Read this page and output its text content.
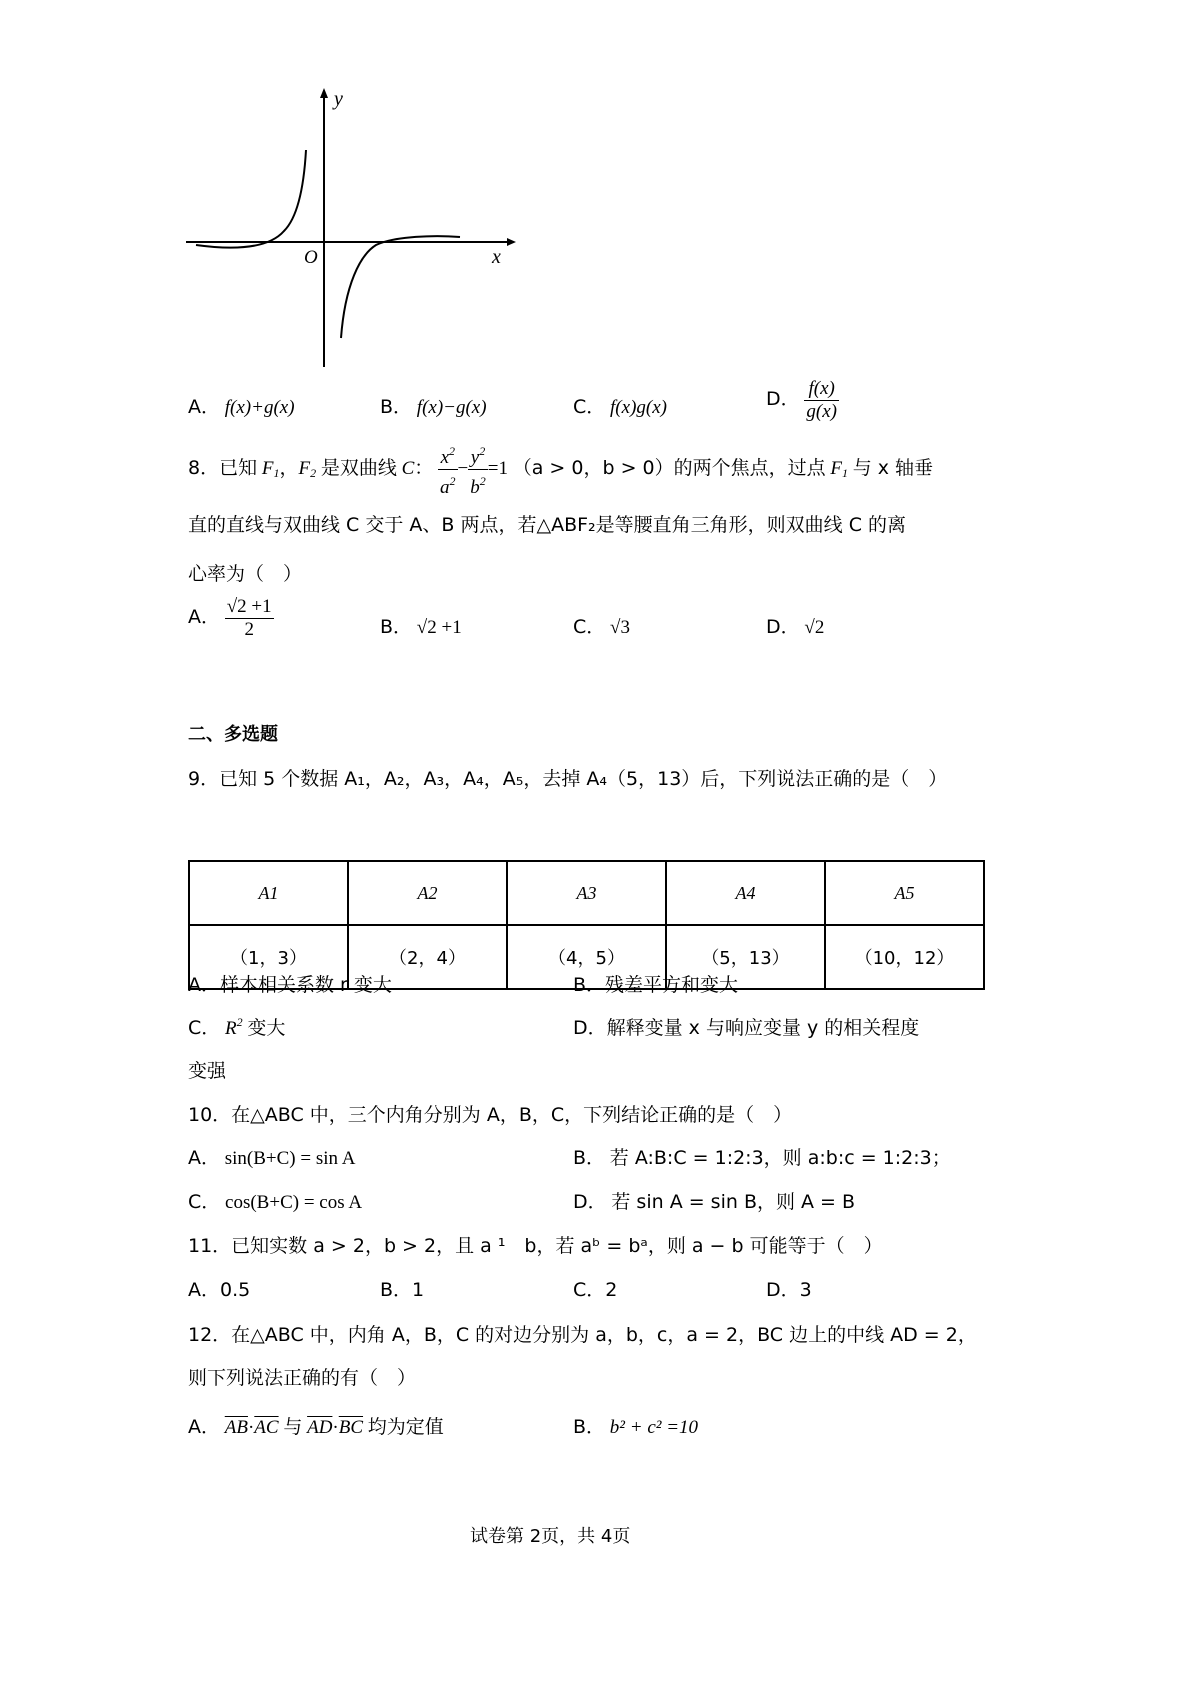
y
x
O
A． f(x)+g(x)	B． f(x)−g(x)	C． f(x)g(x)	D． $\frac{f(x)}{g(x)}$
8．已知 $F_1$，$F_2$ 是双曲线 C： $\frac{x^2}{a^2} - \frac{y^2}{b^2} =1$ （a > 0，b > 0）的两个焦点，过点 $F_1$ 与 x 轴垂
直的直线与双曲线 C 交于 A、B 两点，若△ABF₂是等腰直角三角形，则双曲线 C 的离
心率为（　）
A． $\frac{√2 +1}{2}$	B． √2 +1	C． √3	D． √2
二、多选题
9．已知 5 个数据 A₁，A₂，A₃，A₄，A₅，去掉 A₄（5，13）后，下列说法正确的是（　）
A1	A2	A3	A4	A5
（1，3）	（2，4）	（4，5）	（5，13）	（10，12）
A．样本相关系数 r 变大	B．残差平方和变大
C． $R^2$ 变大	D．解释变量 x 与响应变量 y 的相关程度
变强
10．在△ABC 中，三个内角分别为 A，B，C，下列结论正确的是（　）
A． sin(B+C) = sin A	B． 若 A:B:C = 1:2:3，则 a:b:c = 1:2:3；
C． cos(B+C) = cos A	D． 若 sin A = sin B，则 A = B
11．已知实数 a > 2，b > 2，且 a ¹　b，若 aᵇ = bᵃ，则 a − b 可能等于（　）
A．0.5	B．1	C．2	D．3
12．在△ABC 中，内角 A，B，C 的对边分别为 a，b，c，a = 2，BC 边上的中线 AD = 2，
则下列说法正确的有（　）
A． $\overline{AB}\cdot\overline{AC}$ 与 $\overline{AD}\cdot\overline{BC}$ 均为定值	B． b² + c² =10
试卷第 2页，共 4页
